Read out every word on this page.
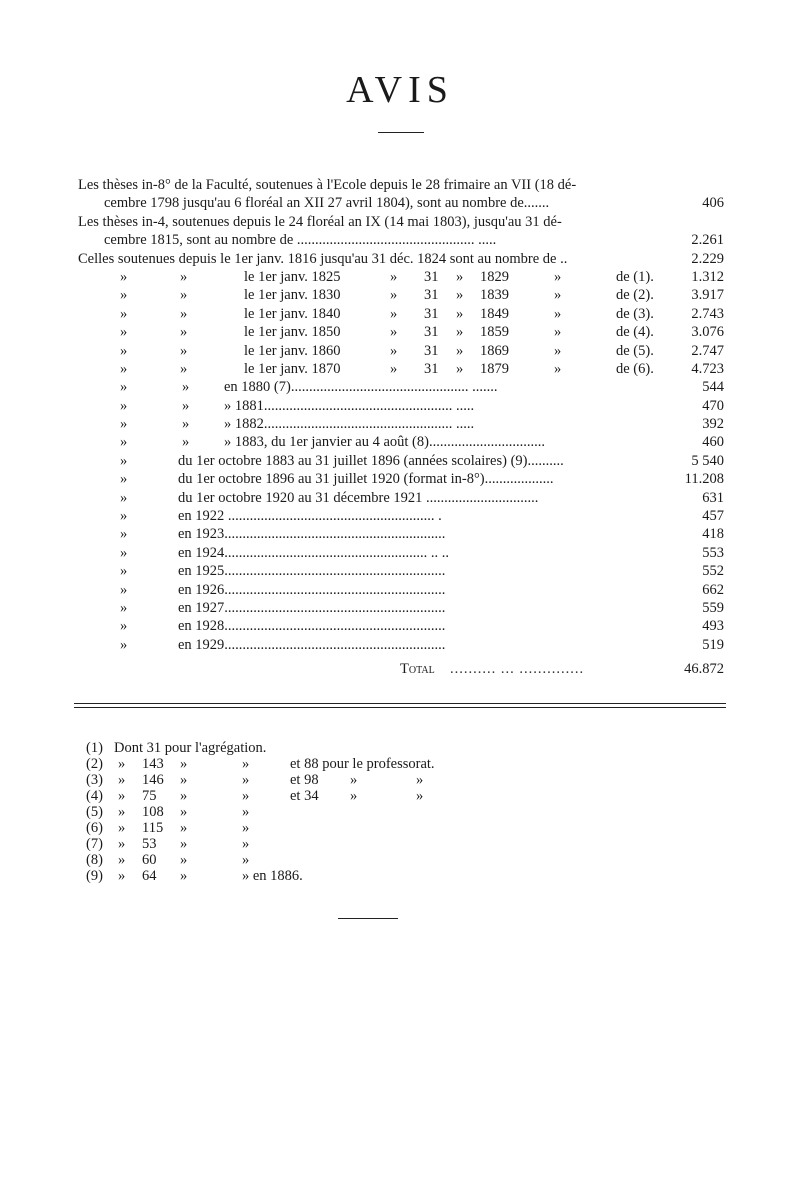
AVIS
Les thèses in-8° de la Faculté, soutenues à l'Ecole depuis le 28 frimaire an VII (18 dé-
cembre 1798 jusqu'au 6 floréal an XII 27 avril 1804), sont au nombre de.......	406
Les thèses in-4, soutenues depuis le 24 floréal an IX (14 mai 1803), jusqu'au 31 dé-
cembre 1815, sont au nombre de ................................................. .....	2.261
Celles soutenues depuis le 1er janv. 1816 jusqu'au 31 déc. 1824 sont au nombre de ..	2.229
»	»	le 1er janv. 1825	» 31 » 1829	»	de (1).	1.312
»	»	le 1er janv. 1830	» 31 » 1839	»	de (2).	3.917
»	»	le 1er janv. 1840	» 31 » 1849	»	de (3).	2.743
»	»	le 1er janv. 1850	» 31 » 1859	»	de (4).	3.076
»	»	le 1er janv. 1860	» 31 » 1869	»	de (5).	2.747
»	»	le 1er janv. 1870	» 31 » 1879	»	de (6).	4.723
»	» en 1880 (7)................................................. .......	544
»	» » 1881.................................................... .....	470
»	» » 1882.................................................... .....	392
»	» » 1883, du 1er janvier au 4 août (8)................................	460
»	du 1er octobre 1883 au 31 juillet 1896 (années scolaires) (9)..........	5 540
»	du 1er octobre 1896 au 31 juillet 1920 (format in-8°)...................	11.208
»	du 1er octobre 1920 au 31 décembre 1921 ...............................	631
»	en 1922 ......................................................... .	457
»	en 1923.............................................................	418
»	en 1924........................................................ .. ..	553
»	en 1925.............................................................	552
»	en 1926.............................................................	662
»	en 1927.............................................................	559
»	en 1928.............................................................	493
»	en 1929.............................................................	519
Total .......... ... ..............	46.872
(1) Dont 31 pour l'agrégation.
(2) » 143 »	»	et 88 pour le professorat.
(3) » 146 »	»	et 98 »	»
(4) » 75 »	»	et 34 »	»
(5) » 108 »	»
(6) » 115 »	»
(7) » 53 »	»
(8) » 60 »	»
(9) » 64 »	» en 1886.
